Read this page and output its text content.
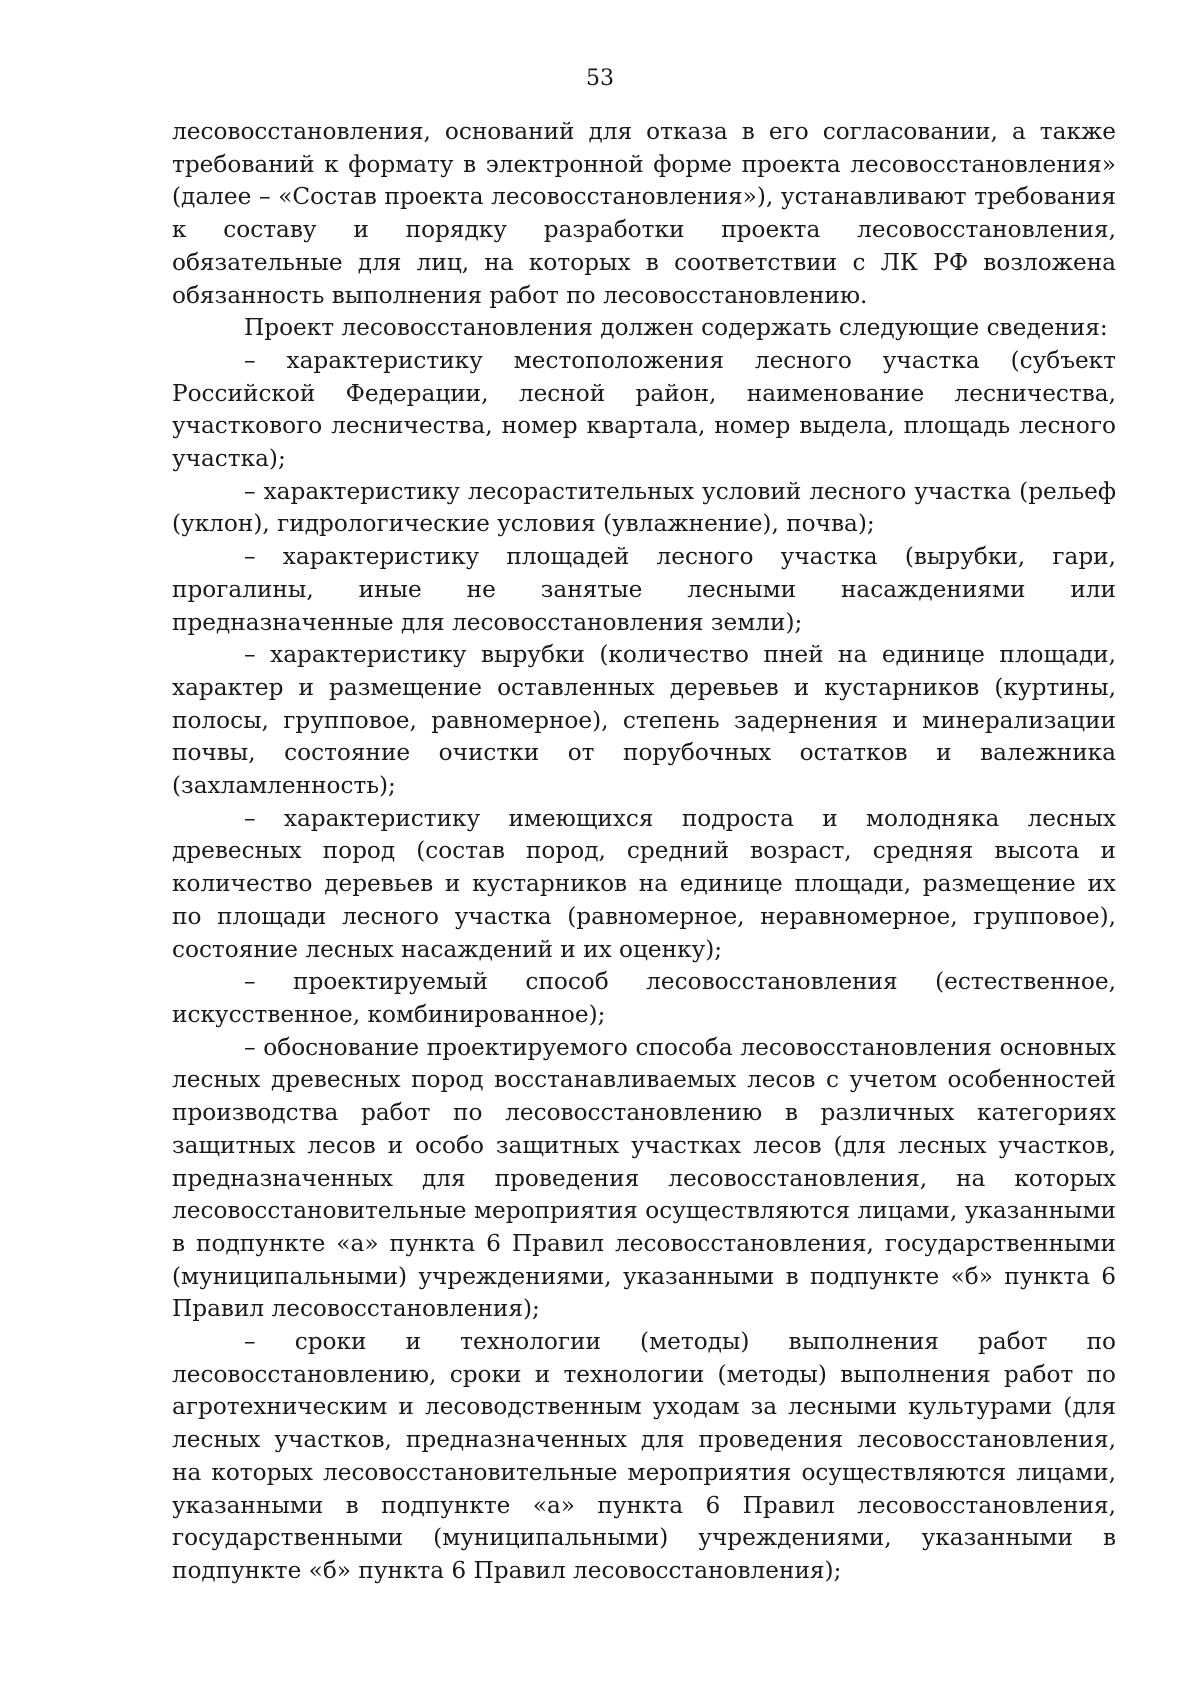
53

лесовосстановления, оснований для отказа в его согласовании, а также требований к формату в электронной форме проекта лесовосстановления» (далее – «Состав проекта лесовосстановления»), устанавливают требования к составу и порядку разработки проекта лесовосстановления, обязательные для лиц, на которых в соответствии с ЛК РФ возложена обязанность выполнения работ по лесовосстановлению.

Проект лесовосстановления должен содержать следующие сведения:

– характеристику местоположения лесного участка (субъект Российской Федерации, лесной район, наименование лесничества, участкового лесничества, номер квартала, номер выдела, площадь лесного участка);

– характеристику лесорастительных условий лесного участка (рельеф (уклон), гидрологические условия (увлажнение), почва);

– характеристику площадей лесного участка (вырубки, гари, прогалины, иные не занятые лесными насаждениями или предназначенные для лесовосстановления земли);

– характеристику вырубки (количество пней на единице площади, характер и размещение оставленных деревьев и кустарников (куртины, полосы, групповое, равномерное), степень задернения и минерализации почвы, состояние очистки от порубочных остатков и валежника (захламленность);

– характеристику имеющихся подроста и молодняка лесных древесных пород (состав пород, средний возраст, средняя высота и количество деревьев и кустарников на единице площади, размещение их по площади лесного участка (равномерное, неравномерное, групповое), состояние лесных насаждений и их оценку);

– проектируемый способ лесовосстановления (естественное, искусственное, комбинированное);

– обоснование проектируемого способа лесовосстановления основных лесных древесных пород восстанавливаемых лесов с учетом особенностей производства работ по лесовосстановлению в различных категориях защитных лесов и особо защитных участках лесов (для лесных участков, предназначенных для проведения лесовосстановления, на которых лесовосстановительные мероприятия осуществляются лицами, указанными в подпункте «а» пункта 6 Правил лесовосстановления, государственными (муниципальными) учреждениями, указанными в подпункте «б» пункта 6 Правил лесовосстановления);

– сроки и технологии (методы) выполнения работ по лесовосстановлению, сроки и технологии (методы) выполнения работ по агротехническим и лесоводственным уходам за лесными культурами (для лесных участков, предназначенных для проведения лесовосстановления, на которых лесовосстановительные мероприятия осуществляются лицами, указанными в подпункте «а» пункта 6 Правил лесовосстановления, государственными (муниципальными) учреждениями, указанными в подпункте «б» пункта 6 Правил лесовосстановления);
